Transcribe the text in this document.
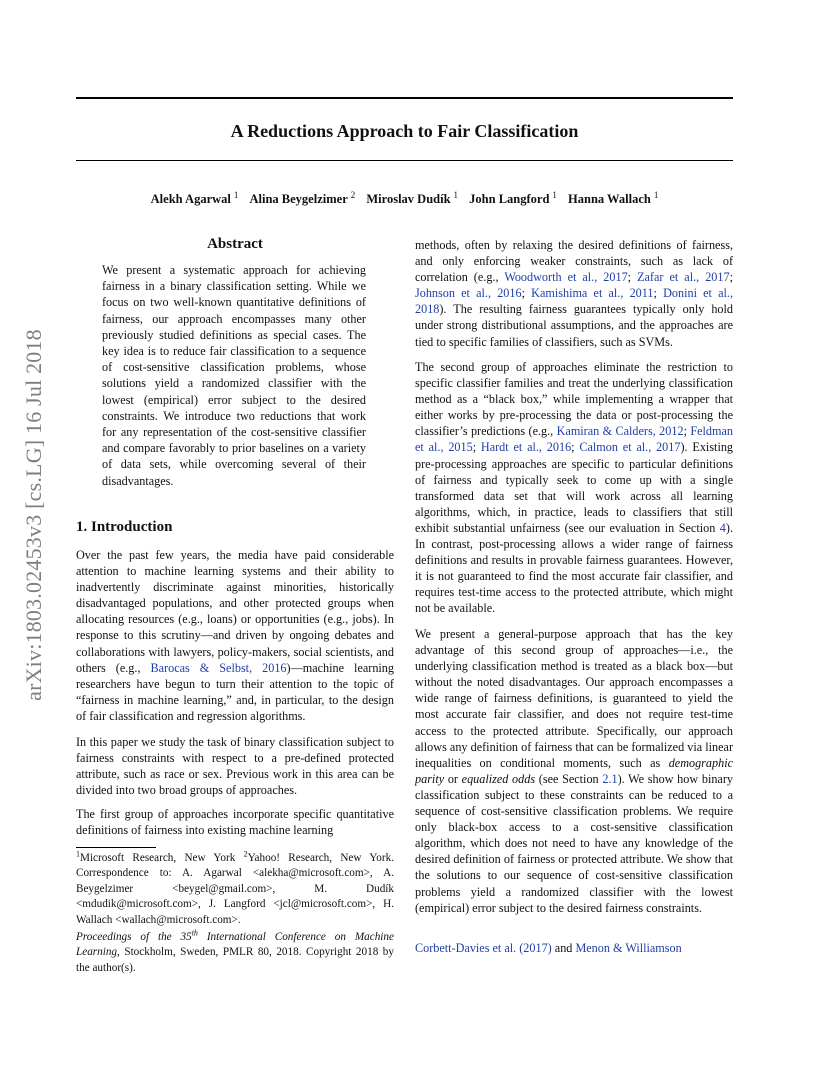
A Reductions Approach to Fair Classification
Alekh Agarwal $^1$ Alina Beygelzimer $^2$ Miroslav Dudík $^1$ John Langford $^1$ Hanna Wallach $^1$
arXiv:1803.02453v3 [cs.LG] 16 Jul 2018
Abstract

We present a systematic approach for achieving fairness in a binary classification setting. While we focus on two well-known quantitative definitions of fairness, our approach encompasses many other previously studied definitions as special cases. The key idea is to reduce fair classification to a sequence of cost-sensitive classification problems, whose solutions yield a randomized classifier with the lowest (empirical) error subject to the desired constraints. We introduce two reductions that work for any representation of the cost-sensitive classifier and compare favorably to prior baselines on a variety of data sets, while overcoming several of their disadvantages.

1. Introduction

Over the past few years, the media have paid considerable attention to machine learning systems and their ability to inadvertently discriminate against minorities, historically disadvantaged populations, and other protected groups when allocating resources (e.g., loans) or opportunities (e.g., jobs). In response to this scrutiny—and driven by ongoing debates and collaborations with lawyers, policy-makers, social scientists, and others (e.g., Barocas & Selbst, 2016)—machine learning researchers have begun to turn their attention to the topic of “fairness in machine learning,” and, in particular, to the design of fair classification and regression algorithms.

In this paper we study the task of binary classification subject to fairness constraints with respect to a pre-defined protected attribute, such as race or sex. Previous work in this area can be divided into two broad groups of approaches.

The first group of approaches incorporate specific quantitative definitions of fairness into existing machine learning

$^1$Microsoft Research, New York $^2$Yahoo! Research, New York. Correspondence to: A. Agarwal <alekha@microsoft.com>, A. Beygelzimer <beygel@gmail.com>, M. Dudík <mdudik@microsoft.com>, J. Langford <jcl@microsoft.com>, H. Wallach <wallach@microsoft.com>.

Proceedings of the 35th International Conference on Machine Learning, Stockholm, Sweden, PMLR 80, 2018. Copyright 2018 by the author(s).

methods, often by relaxing the desired definitions of fairness, and only enforcing weaker constraints, such as lack of correlation (e.g., Woodworth et al., 2017; Zafar et al., 2017; Johnson et al., 2016; Kamishima et al., 2011; Donini et al., 2018). The resulting fairness guarantees typically only hold under strong distributional assumptions, and the approaches are tied to specific families of classifiers, such as SVMs.

The second group of approaches eliminate the restriction to specific classifier families and treat the underlying classification method as a “black box,” while implementing a wrapper that either works by pre-processing the data or post-processing the classifier’s predictions (e.g., Kamiran & Calders, 2012; Feldman et al., 2015; Hardt et al., 2016; Calmon et al., 2017). Existing pre-processing approaches are specific to particular definitions of fairness and typically seek to come up with a single transformed data set that will work across all learning algorithms, which, in practice, leads to classifiers that still exhibit substantial unfairness (see our evaluation in Section 4). In contrast, post-processing allows a wider range of fairness definitions and results in provable fairness guarantees. However, it is not guaranteed to find the most accurate fair classifier, and requires test-time access to the protected attribute, which might not be available.

We present a general-purpose approach that has the key advantage of this second group of approaches—i.e., the underlying classification method is treated as a black box—but without the noted disadvantages. Our approach encompasses a wide range of fairness definitions, is guaranteed to yield the most accurate fair classifier, and does not require test-time access to the protected attribute. Specifically, our approach allows any definition of fairness that can be formalized via linear inequalities on conditional moments, such as demographic parity or equalized odds (see Section 2.1). We show how binary classification subject to these constraints can be reduced to a sequence of cost-sensitive classification problems. We require only black-box access to a cost-sensitive classification algorithm, which does not need to have any knowledge of the desired definition of fairness or protected attribute. We show that the solutions to our sequence of cost-sensitive classification problems yield a randomized classifier with the lowest (empirical) error subject to the desired fairness constraints.

Corbett-Davies et al. (2017) and Menon & Williamson
